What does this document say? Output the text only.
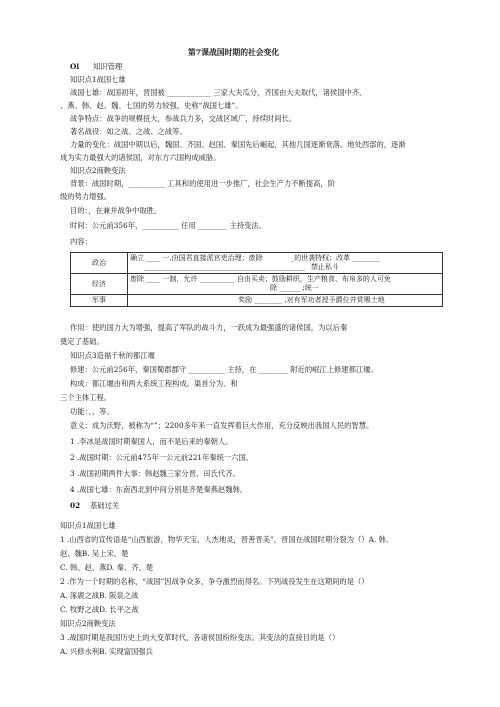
第7课战国时期的社会变化
Ol 知识管理
知识点1战国七雄
战国七雄：战国初年，晋国被 ____________ 三家大夫瓜分，齐国由大夫取代，诸侯国中齐、
、燕、韩、赵、魏、七国的势力较强，史称“战国七雄”。
战争特点：战争的规模扭大，参战兵力多，交战区域广，持续时间长。
著名战役：如之战、之战、之战等。
力量的变化：战国中期以后，魏国、齐国、赵国、秦国先后崛起，其他几国逐渐衰落。地处西部的，逐渐
成为实力最强大的诸侯国，对东方六国构成威胁。
知识点2商鞅变法
背景：战国时期，__________ 工具和的使用进一步推广，社会生产力不断提高，阶
级的势力增强。
目的：，在兼并战争中取胜。
时间：公元前356年，__________ 任用 ________ 主持变法。
内容：
政治	确立 ____ 一,由国君直接派官吏治理；废除 _的世袭特权；改革 ________
______________________________________________ 禁止私斗

经济	废除 ____ 一制，允许 __________ 自由买卖；鼓励耕织，生产粮食、布帛多的人可免
除 ______ ;统一

军事	奖励 ________ ,对有军功者授予爵位并赏赐土地
作用：使的国力大为增强，提高了军队的战斗力，一跃成为最强盛的诸侯国，为以后秦
奠定了基础。
知识点3造福千秋的都江堰
修建：公元前256年，秦国蜀郡郡守 __________ 主持，在 ________ 附近的岷江上修建都江堰。
构成：都江堰由和两大系统工程构成。渠首分为、和
三个主体工程。
功能：、、等。
意义：成为沃野，被称为“”；2200多年来一直发挥着巨大作用，充分反映出我国人民的智慧。
1 .李冰是战国时期秦国人，而不是后来的秦朝人。
2 .战国时期：公元前475年一公元前221年秦统一六国。
3 .战国初期两件大事：韩赵魏三家分晋、田氏代齐。
4 .战国七雄：东南西北到中间分别是齐楚秦燕赵魏韩。
02 基础过关
知识点1战国七雄
1 .山西省的宣传语是“山西旅游，物华天宝，人杰地灵，晋善晋美”，晋国在战国时期分裂为（）A. 韩、
赵、魏B. 吴上宋、楚
C. 韩、赵、燕D. 秦、齐、楚
2 .作为一个时期的名称，“战国”因战争众多、争夺激烈而得名。下列战役发生在这期间的是（）
A. 涿鹿之战B. 阪泉之战
C. 牧野之战D. 长平之战
知识点2商鞅变法
3 .战国时期是我国历史上的大变革时代，各诸侯国纷纷变法。其变法的直接目的是（）
A. 兴修水利B. 实现富国强兵
